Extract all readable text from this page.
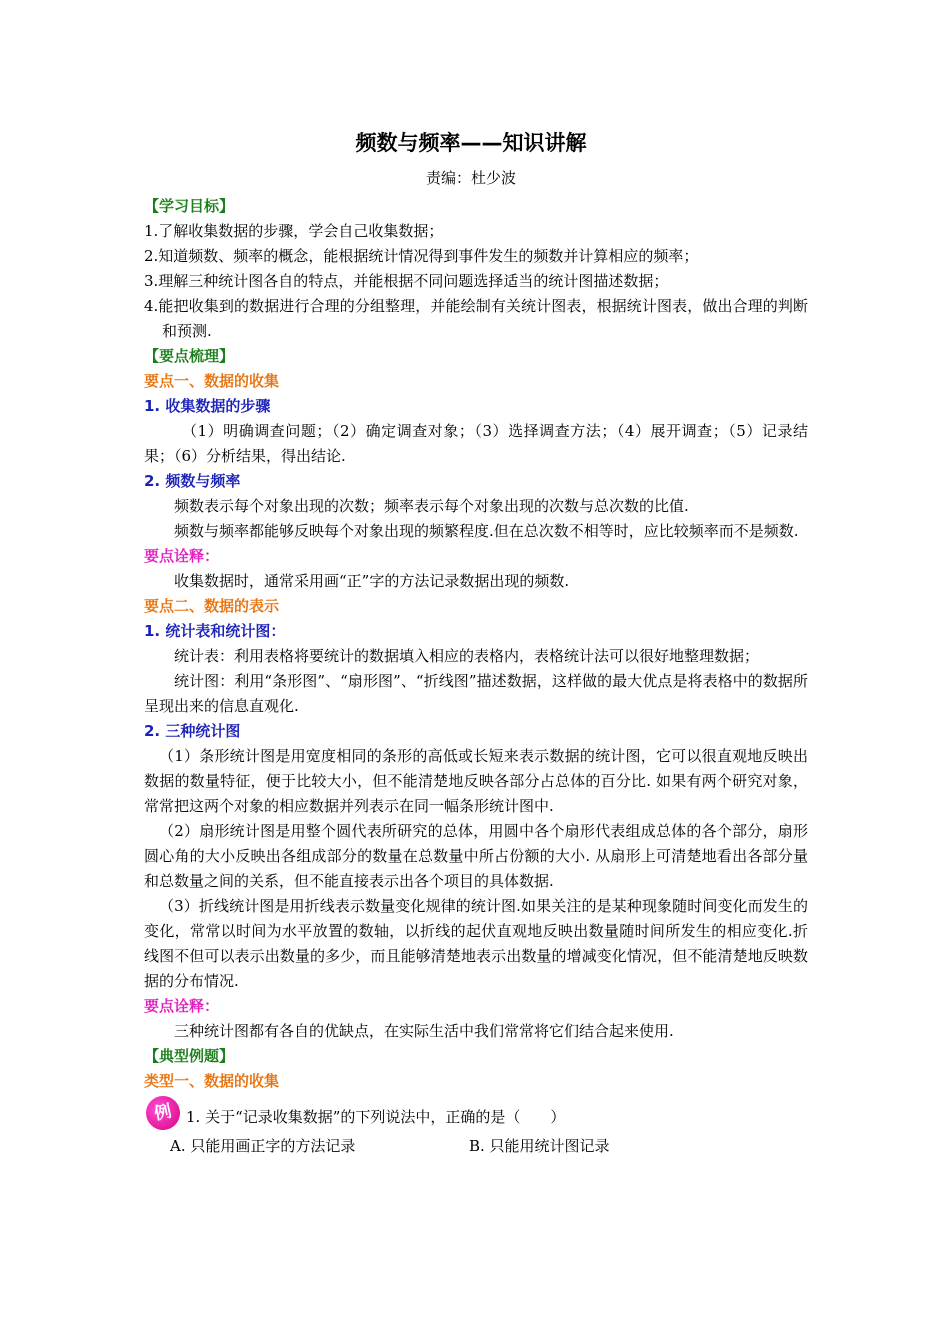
频数与频率——知识讲解
责编：杜少波
【学习目标】
1.了解收集数据的步骤，学会自己收集数据；
2.知道频数、频率的概念，能根据统计情况得到事件发生的频数并计算相应的频率；
3.理解三种统计图各自的特点，并能根据不同问题选择适当的统计图描述数据；
4.能把收集到的数据进行合理的分组整理，并能绘制有关统计图表，根据统计图表，做出合理的判断和预测.
【要点梳理】
要点一、数据的收集
1. 收集数据的步骤
（1）明确调查问题；（2）确定调查对象；（3）选择调查方法；（4）展开调查；（5）记录结果；（6）分析结果，得出结论.
2. 频数与频率
频数表示每个对象出现的次数；频率表示每个对象出现的次数与总次数的比值.
频数与频率都能够反映每个对象出现的频繁程度.但在总次数不相等时，应比较频率而不是频数.
要点诠释：
收集数据时，通常采用画“正”字的方法记录数据出现的频数.
要点二、数据的表示
1. 统计表和统计图：
统计表：利用表格将要统计的数据填入相应的表格内，表格统计法可以很好地整理数据；
统计图：利用“条形图”、“扇形图”、“折线图”描述数据，这样做的最大优点是将表格中的数据所呈现出来的信息直观化.
2. 三种统计图
（1）条形统计图是用宽度相同的条形的高低或长短来表示数据的统计图，它可以很直观地反映出数据的数量特征，便于比较大小，但不能清楚地反映各部分占总体的百分比. 如果有两个研究对象，常常把这两个对象的相应数据并列表示在同一幅条形统计图中.
（2）扇形统计图是用整个圆代表所研究的总体，用圆中各个扇形代表组成总体的各个部分，扇形圆心角的大小反映出各组成部分的数量在总数量中所占份额的大小. 从扇形上可清楚地看出各部分量和总数量之间的关系，但不能直接表示出各个项目的具体数据.
（3）折线统计图是用折线表示数量变化规律的统计图.如果关注的是某种现象随时间变化而发生的变化，常常以时间为水平放置的数轴，以折线的起伏直观地反映出数量随时间所发生的相应变化.折线图不但可以表示出数量的多少，而且能够清楚地表示出数量的增减变化情况，但不能清楚地反映数据的分布情况.
要点诠释：
三种统计图都有各自的优缺点，在实际生活中我们常常将它们结合起来使用.
【典型例题】
类型一、数据的收集
例 1. 关于“记录收集数据”的下列说法中，正确的是（　　）
A. 只能用画正字的方法记录	B. 只能用统计图记录
